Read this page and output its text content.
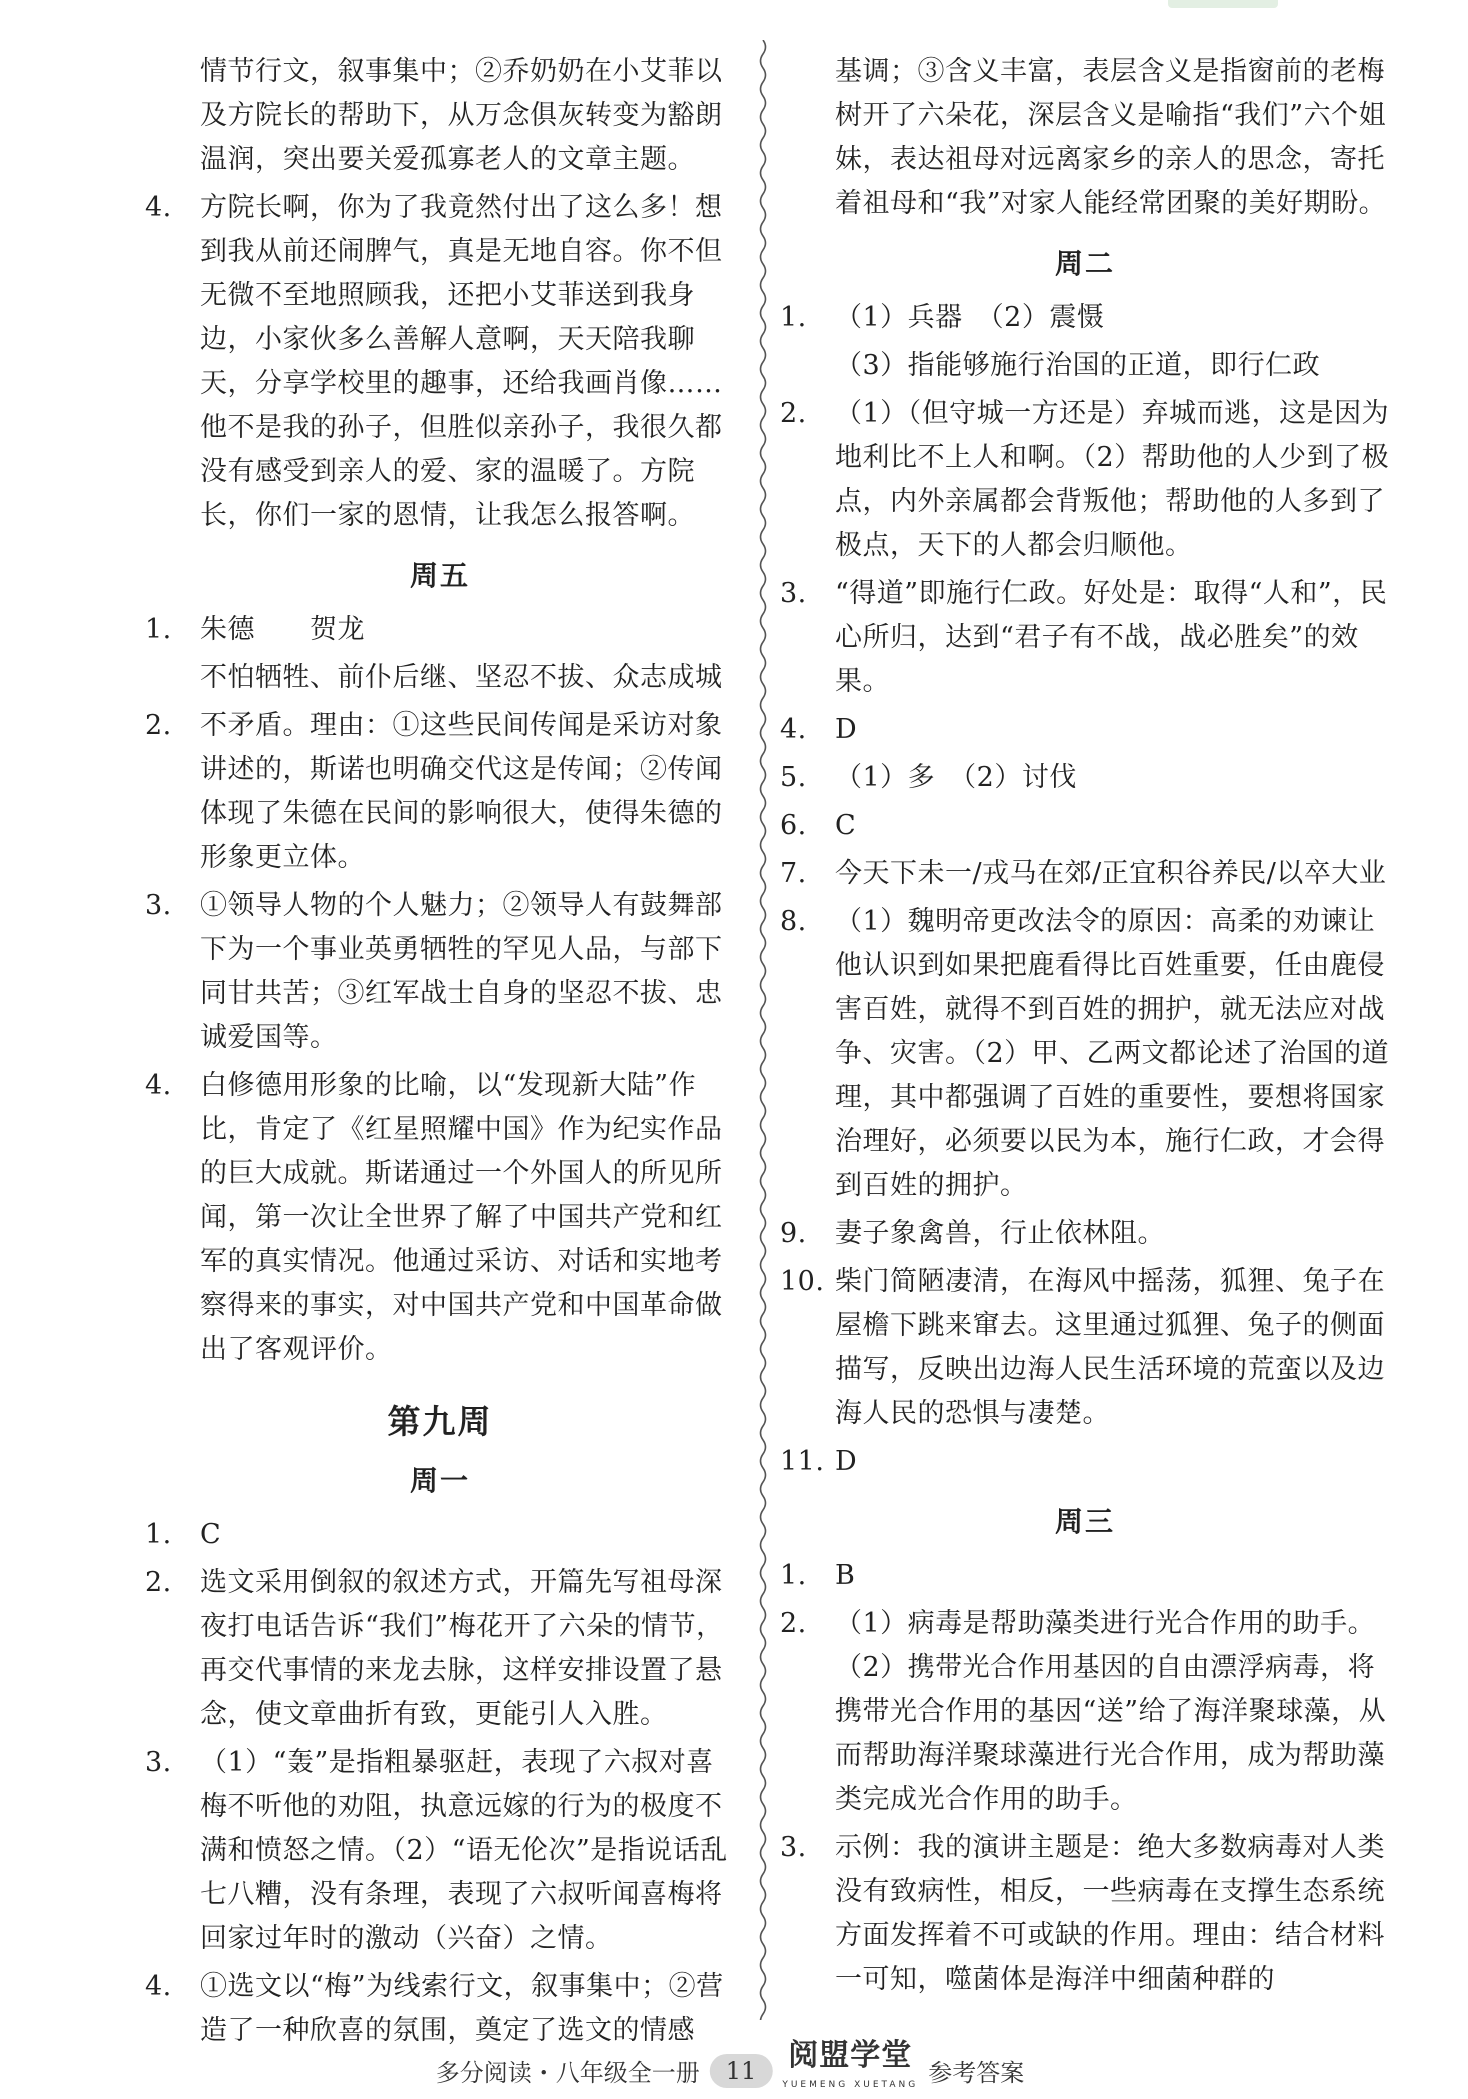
情节行文，叙事集中；②乔奶奶在小艾菲以及方院长的帮助下，从万念俱灰转变为豁朗温润，突出要关爱孤寡老人的文章主题。

4.	方院长啊，你为了我竟然付出了这么多！想到我从前还闹脾气，真是无地自容。你不但无微不至地照顾我，还把小艾菲送到我身边，小家伙多么善解人意啊，天天陪我聊天，分享学校里的趣事，还给我画肖像……他不是我的孙子，但胜似亲孙子，我很久都没有感受到亲人的爱、家的温暖了。方院长，你们一家的恩情，让我怎么报答啊。

周五
1.	朱德　　贺龙

不怕牺牲、前仆后继、坚忍不拔、众志成城

2.	不矛盾。理由：①这些民间传闻是采访对象讲述的，斯诺也明确交代这是传闻；②传闻体现了朱德在民间的影响很大，使得朱德的形象更立体。

3.	①领导人物的个人魅力；②领导人有鼓舞部下为一个事业英勇牺牲的罕见人品，与部下同甘共苦；③红军战士自身的坚忍不拔、忠诚爱国等。

4.	白修德用形象的比喻，以“发现新大陆”作比，肯定了《红星照耀中国》作为纪实作品的巨大成就。斯诺通过一个外国人的所见所闻，第一次让全世界了解了中国共产党和红军的真实情况。他通过采访、对话和实地考察得来的事实，对中国共产党和中国革命做出了客观评价。

第九周
周一
1.	C

2.	选文采用倒叙的叙述方式，开篇先写祖母深夜打电话告诉“我们”梅花开了六朵的情节，再交代事情的来龙去脉，这样安排设置了悬念，使文章曲折有致，更能引人入胜。

3.	（1）“轰”是指粗暴驱赶，表现了六叔对喜梅不听他的劝阻，执意远嫁的行为的极度不满和愤怒之情。（2）“语无伦次”是指说话乱七八糟，没有条理，表现了六叔听闻喜梅将回家过年时的激动（兴奋）之情。

4.	①选文以“梅”为线索行文，叙事集中；②营造了一种欣喜的氛围，奠定了选文的情感

基调；③含义丰富，表层含义是指窗前的老梅树开了六朵花，深层含义是喻指“我们”六个姐妹，表达祖母对远离家乡的亲人的思念，寄托着祖母和“我”对家人能经常团聚的美好期盼。

周二
1.	（1）兵器　（2）震慑

（3）指能够施行治国的正道，即行仁政

2.	（1）（但守城一方还是）弃城而逃，这是因为地利比不上人和啊。（2）帮助他的人少到了极点，内外亲属都会背叛他；帮助他的人多到了极点，天下的人都会归顺他。

3.	“得道”即施行仁政。好处是：取得“人和”，民心所归，达到“君子有不战，战必胜矣”的效果。

4.	D

5.	（1）多　（2）讨伐

6.	C

7.	今天下未一/戎马在郊/正宜积谷养民/以卒大业

8.	（1）魏明帝更改法令的原因：高柔的劝谏让他认识到如果把鹿看得比百姓重要，任由鹿侵害百姓，就得不到百姓的拥护，就无法应对战争、灾害。（2）甲、乙两文都论述了治国的道理，其中都强调了百姓的重要性，要想将国家治理好，必须要以民为本，施行仁政，才会得到百姓的拥护。

9.	妻子象禽兽，行止依林阻。

10. 柴门简陋凄清，在海风中摇荡，狐狸、兔子在屋檐下跳来窜去。这里通过狐狸、兔子的侧面描写，反映出边海人民生活环境的荒蛮以及边海人民的恐惧与凄楚。

11. D

周三
1.	B

2.	（1）病毒是帮助藻类进行光合作用的助手。（2）携带光合作用基因的自由漂浮病毒，将携带光合作用的基因“送”给了海洋聚球藻，从而帮助海洋聚球藻进行光合作用，成为帮助藻类完成光合作用的助手。

3.	示例：我的演讲主题是：绝大多数病毒对人类没有致病性，相反，一些病毒在支撑生态系统方面发挥着不可或缺的作用。理由：结合材料一可知，噬菌体是海洋中细菌种群的

多分阅读・八年级全一册	11	阅盟学堂
YUEMENG XUETANG 参考答案
